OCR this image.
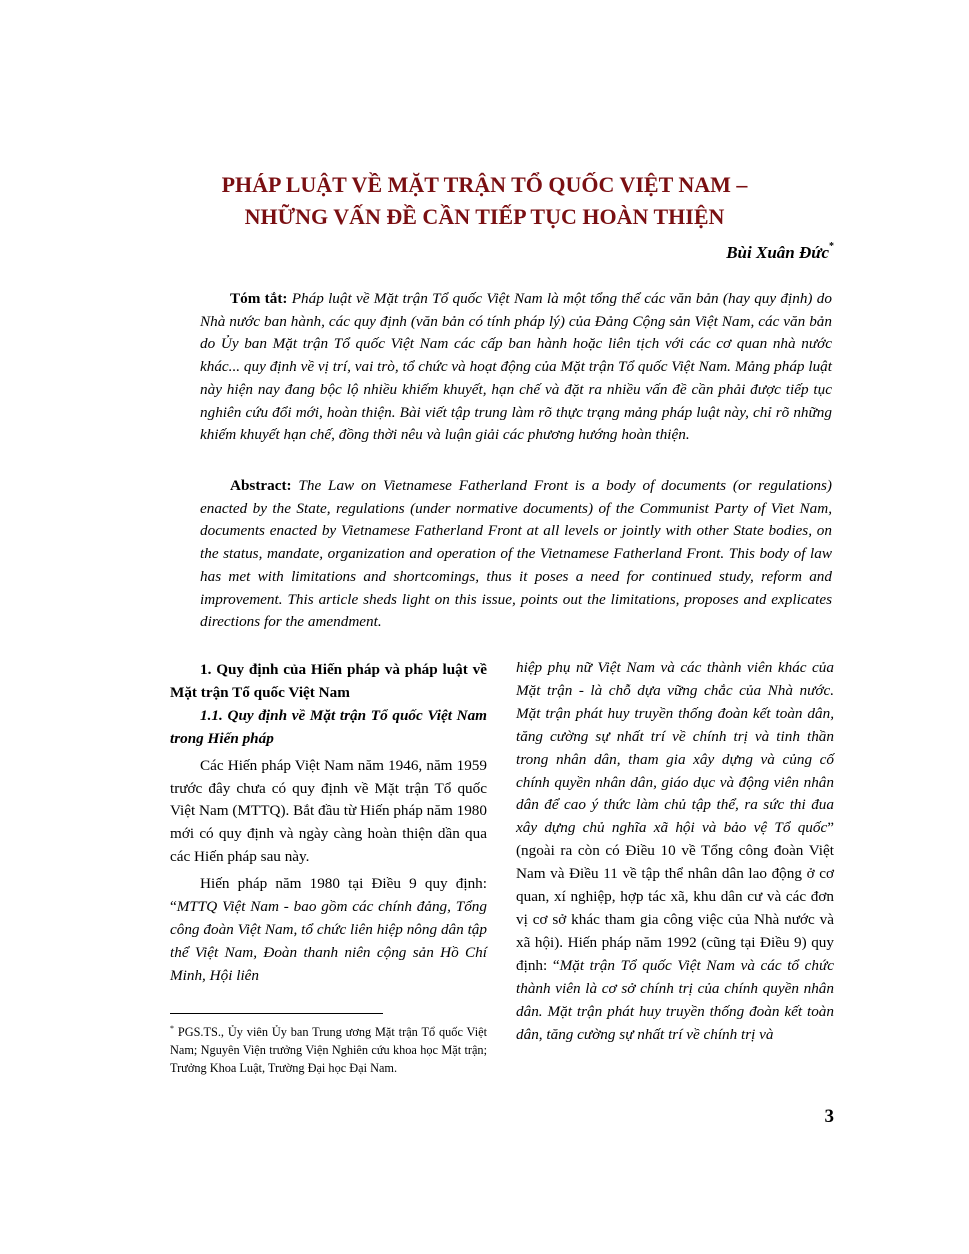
PHÁP LUẬT VỀ MẶT TRẬN TỔ QUỐC VIỆT NAM –
NHỮNG VẤN ĐỀ CẦN TIẾP TỤC HOÀN THIỆN
Bùi Xuân Đức*

Tóm tắt: Pháp luật về Mặt trận Tổ quốc Việt Nam là một tổng thể các văn bản (hay quy định) do Nhà nước ban hành, các quy định (văn bản có tính pháp lý) của Đảng Cộng sản Việt Nam, các văn bản do Ủy ban Mặt trận Tổ quốc Việt Nam các cấp ban hành hoặc liên tịch với các cơ quan nhà nước khác... quy định về vị trí, vai trò, tổ chức và hoạt động của Mặt trận Tổ quốc Việt Nam. Mảng pháp luật này hiện nay đang bộc lộ nhiều khiếm khuyết, hạn chế và đặt ra nhiều vấn đề cần phải được tiếp tục nghiên cứu đổi mới, hoàn thiện. Bài viết tập trung làm rõ thực trạng mảng pháp luật này, chỉ rõ những khiếm khuyết hạn chế, đồng thời nêu và luận giải các phương hướng hoàn thiện.

Abstract: The Law on Vietnamese Fatherland Front is a body of documents (or regulations) enacted by the State, regulations (under normative documents) of the Communist Party of Viet Nam, documents enacted by Vietnamese Fatherland Front at all levels or jointly with other State bodies, on the status, mandate, organization and operation of the Vietnamese Fatherland Front. This body of law has met with limitations and shortcomings, thus it poses a need for continued study, reform and improvement. This article sheds light on this issue, points out the limitations, proposes and explicates directions for the amendment.

1. Quy định của Hiến pháp và pháp luật về Mặt trận Tổ quốc Việt Nam

1.1. Quy định về Mặt trận Tổ quốc Việt Nam trong Hiến pháp

Các Hiến pháp Việt Nam năm 1946, năm 1959 trước đây chưa có quy định về Mặt trận Tổ quốc Việt Nam (MTTQ). Bắt đầu từ Hiến pháp năm 1980 mới có quy định và ngày càng hoàn thiện dần qua các Hiến pháp sau này.

Hiến pháp năm 1980 tại Điều 9 quy định: “MTTQ Việt Nam - bao gồm các chính đảng, Tổng công đoàn Việt Nam, tổ chức liên hiệp nông dân tập thể Việt Nam, Đoàn thanh niên cộng sản Hồ Chí Minh, Hội liên

hiệp phụ nữ Việt Nam và các thành viên khác của Mặt trận - là chỗ dựa vững chắc của Nhà nước. Mặt trận phát huy truyền thống đoàn kết toàn dân, tăng cường sự nhất trí về chính trị và tinh thần trong nhân dân, tham gia xây dựng và củng cố chính quyền nhân dân, giáo dục và động viên nhân dân để cao ý thức làm chủ tập thể, ra sức thi đua xây dựng chủ nghĩa xã hội và bảo vệ Tổ quốc” (ngoài ra còn có Điều 10 về Tổng công đoàn Việt Nam và Điều 11 về tập thể nhân dân lao động ở cơ quan, xí nghiệp, hợp tác xã, khu dân cư và các đơn vị cơ sở khác tham gia công việc của Nhà nước và xã hội). Hiến pháp năm 1992 (cũng tại Điều 9) quy định: “Mặt trận Tổ quốc Việt Nam và các tổ chức thành viên là cơ sở chính trị của chính quyền nhân dân. Mặt trận phát huy truyền thống đoàn kết toàn dân, tăng cường sự nhất trí về chính trị và

* PGS.TS., Ủy viên Ủy ban Trung ương Mặt trận Tổ quốc Việt Nam; Nguyên Viện trưởng Viện Nghiên cứu khoa học Mặt trận; Trưởng Khoa Luật, Trường Đại học Đại Nam.

3
